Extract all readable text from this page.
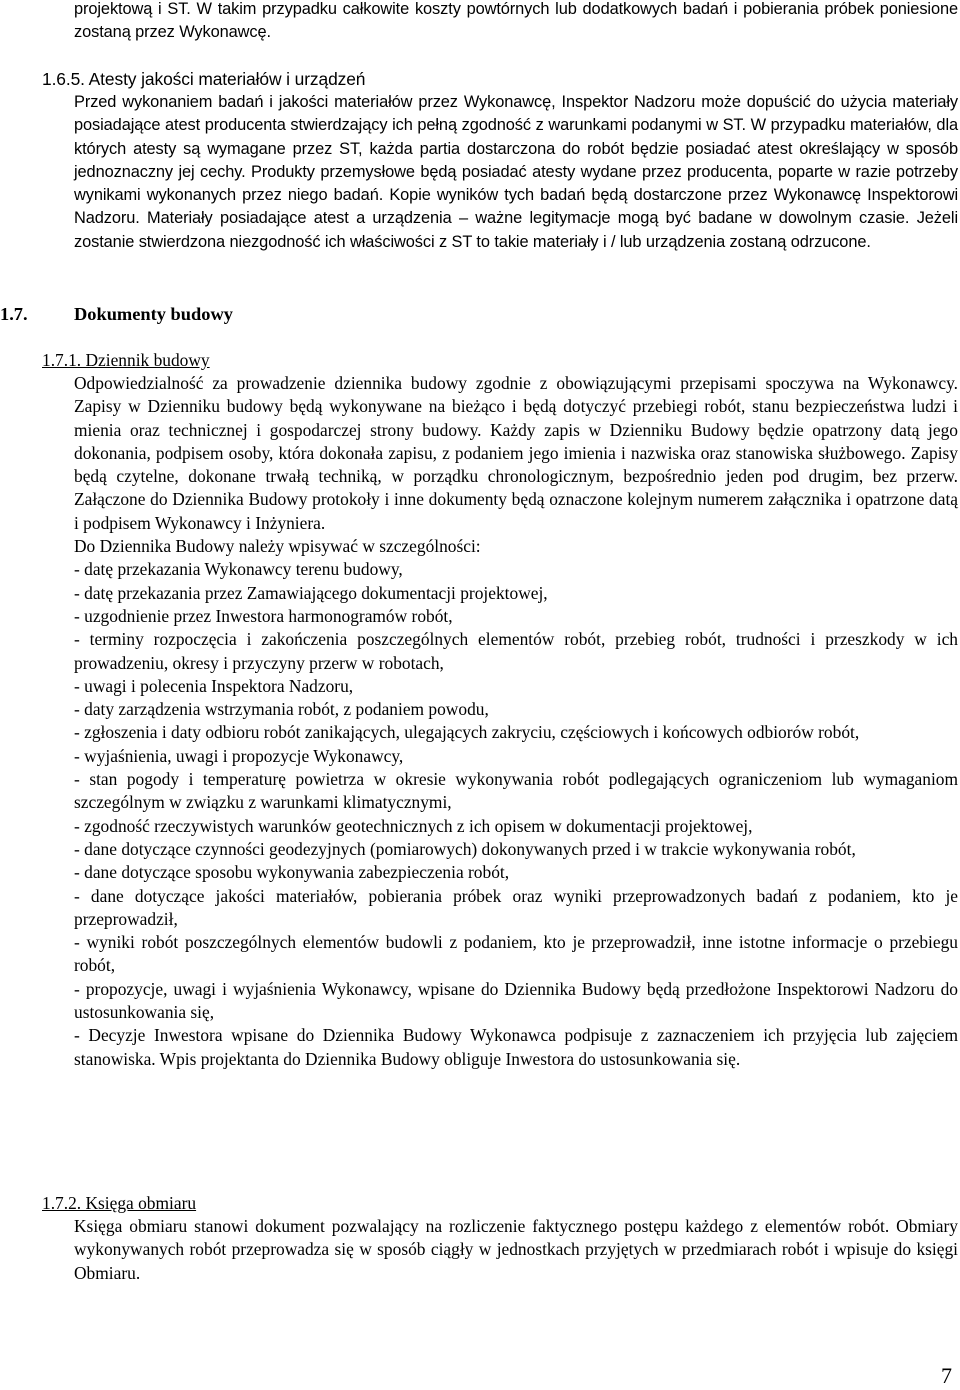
projektową i ST. W takim przypadku całkowite koszty powtórnych lub dodatkowych badań i pobierania próbek poniesione zostaną przez Wykonawcę.

1.6.5. Atesty jakości materiałów i urządzeń

Przed wykonaniem badań i jakości materiałów przez Wykonawcę, Inspektor Nadzoru może dopuścić do użycia materiały posiadające atest producenta stwierdzający ich pełną zgodność z warunkami podanymi w ST. W przypadku materiałów, dla których atesty są wymagane przez ST, każda partia dostarczona do robót będzie posiadać atest określający w sposób jednoznaczny jej cechy. Produkty przemysłowe będą posiadać atesty wydane przez producenta, poparte w razie potrzeby wynikami wykonanych przez niego badań. Kopie wyników tych badań będą dostarczone przez Wykonawcę Inspektorowi Nadzoru. Materiały posiadające atest a urządzenia – ważne legitymacje mogą być badane w dowolnym czasie. Jeżeli zostanie stwierdzona niezgodność ich właściwości z ST to takie materiały i / lub urządzenia zostaną odrzucone.

1.7.	Dokumenty budowy
1.7.1. Dziennik budowy

Odpowiedzialność za prowadzenie dziennika budowy zgodnie z obowiązującymi przepisami spoczywa na Wykonawcy. Zapisy w Dzienniku budowy będą wykonywane na bieżąco i będą dotyczyć przebiegi robót, stanu bezpieczeństwa ludzi i mienia oraz technicznej i gospodarczej strony budowy. Każdy zapis w Dzienniku Budowy będzie opatrzony datą jego dokonania, podpisem osoby, która dokonała zapisu, z podaniem jego imienia i nazwiska oraz stanowiska służbowego. Zapisy będą czytelne, dokonane trwałą techniką, w porządku chronologicznym, bezpośrednio jeden pod drugim, bez przerw. Załączone do Dziennika Budowy protokoły i inne dokumenty będą oznaczone kolejnym numerem załącznika i opatrzone datą i podpisem Wykonawcy i Inżyniera.

Do Dziennika Budowy należy wpisywać w szczególności:

- datę przekazania Wykonawcy terenu budowy,

- datę przekazania przez Zamawiającego dokumentacji projektowej,

- uzgodnienie przez Inwestora harmonogramów robót,

- terminy rozpoczęcia i zakończenia poszczególnych elementów robót, przebieg robót, trudności i przeszkody w ich prowadzeniu, okresy i przyczyny przerw w robotach,

- uwagi i polecenia Inspektora Nadzoru,

- daty zarządzenia wstrzymania robót, z podaniem powodu,

- zgłoszenia i daty odbioru robót zanikających, ulegających zakryciu, częściowych i końcowych odbiorów robót,

- wyjaśnienia, uwagi i propozycje Wykonawcy,

- stan pogody i temperaturę powietrza w okresie wykonywania robót podlegających ograniczeniom lub wymaganiom szczególnym w związku z warunkami klimatycznymi,

- zgodność rzeczywistych warunków geotechnicznych z ich opisem w dokumentacji projektowej,

- dane dotyczące czynności geodezyjnych (pomiarowych) dokonywanych przed i w trakcie wykonywania robót,

- dane dotyczące sposobu wykonywania zabezpieczenia robót,

- dane dotyczące jakości materiałów, pobierania próbek oraz wyniki przeprowadzonych badań z podaniem, kto je przeprowadził,

- wyniki robót poszczególnych elementów budowli z podaniem, kto je przeprowadził, inne istotne informacje o przebiegu robót,

- propozycje, uwagi i wyjaśnienia Wykonawcy, wpisane do Dziennika Budowy będą przedłożone Inspektorowi Nadzoru do ustosunkowania się,

- Decyzje Inwestora wpisane do Dziennika Budowy Wykonawca podpisuje z zaznaczeniem ich przyjęcia lub zajęciem stanowiska. Wpis projektanta do Dziennika Budowy obliguje Inwestora do ustosunkowania się.

1.7.2. Księga obmiaru

Księga obmiaru stanowi dokument pozwalający na rozliczenie faktycznego postępu każdego z elementów robót. Obmiary wykonywanych robót przeprowadza się w sposób ciągły w jednostkach przyjętych w przedmiarach robót i wpisuje do księgi Obmiaru.

7
